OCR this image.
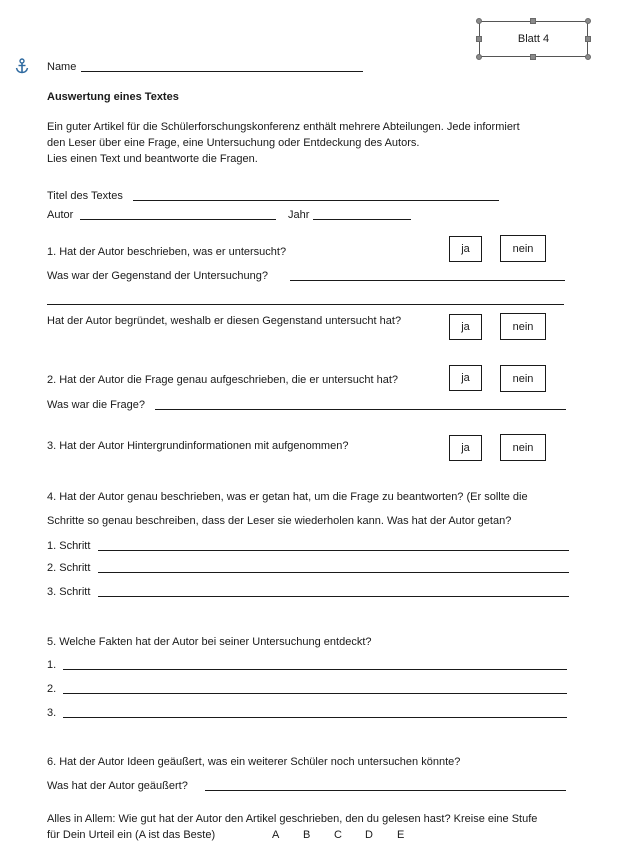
Blatt 4
Name
Auswertung eines Textes
Ein guter Artikel für die Schülerforschungskonferenz enthält mehrere Abteilungen. Jede informiert
den Leser über eine Frage, eine Untersuchung oder Entdeckung des Autors.
Lies einen Text und beantworte die Fragen.
Titel des Textes
Autor	Jahr
1. Hat der Autor beschrieben, was er untersucht?	ja	nein
Was war der Gegenstand der Untersuchung?
Hat der Autor begründet, weshalb er diesen Gegenstand untersucht hat?	ja	nein
2. Hat der Autor die Frage genau aufgeschrieben, die er untersucht hat?	ja	nein
Was war die Frage?
3. Hat der Autor Hintergrundinformationen mit aufgenommen?	ja	nein
4. Hat der Autor genau beschrieben, was er getan hat, um die Frage zu beantworten? (Er sollte die
Schritte so genau beschreiben, dass der Leser sie wiederholen kann. Was hat der Autor getan?
1. Schritt
2. Schritt
3. Schritt
5. Welche Fakten hat der Autor bei seiner Untersuchung entdeckt?
1.
2.
3.
6. Hat der Autor Ideen geäußert, was ein weiterer Schüler noch untersuchen könnte?
Was hat der Autor geäußert?
Alles in Allem: Wie gut hat der Autor den Artikel geschrieben, den du gelesen hast? Kreise eine Stufe
für Dein Urteil ein (A ist das Beste)	A B C D E
